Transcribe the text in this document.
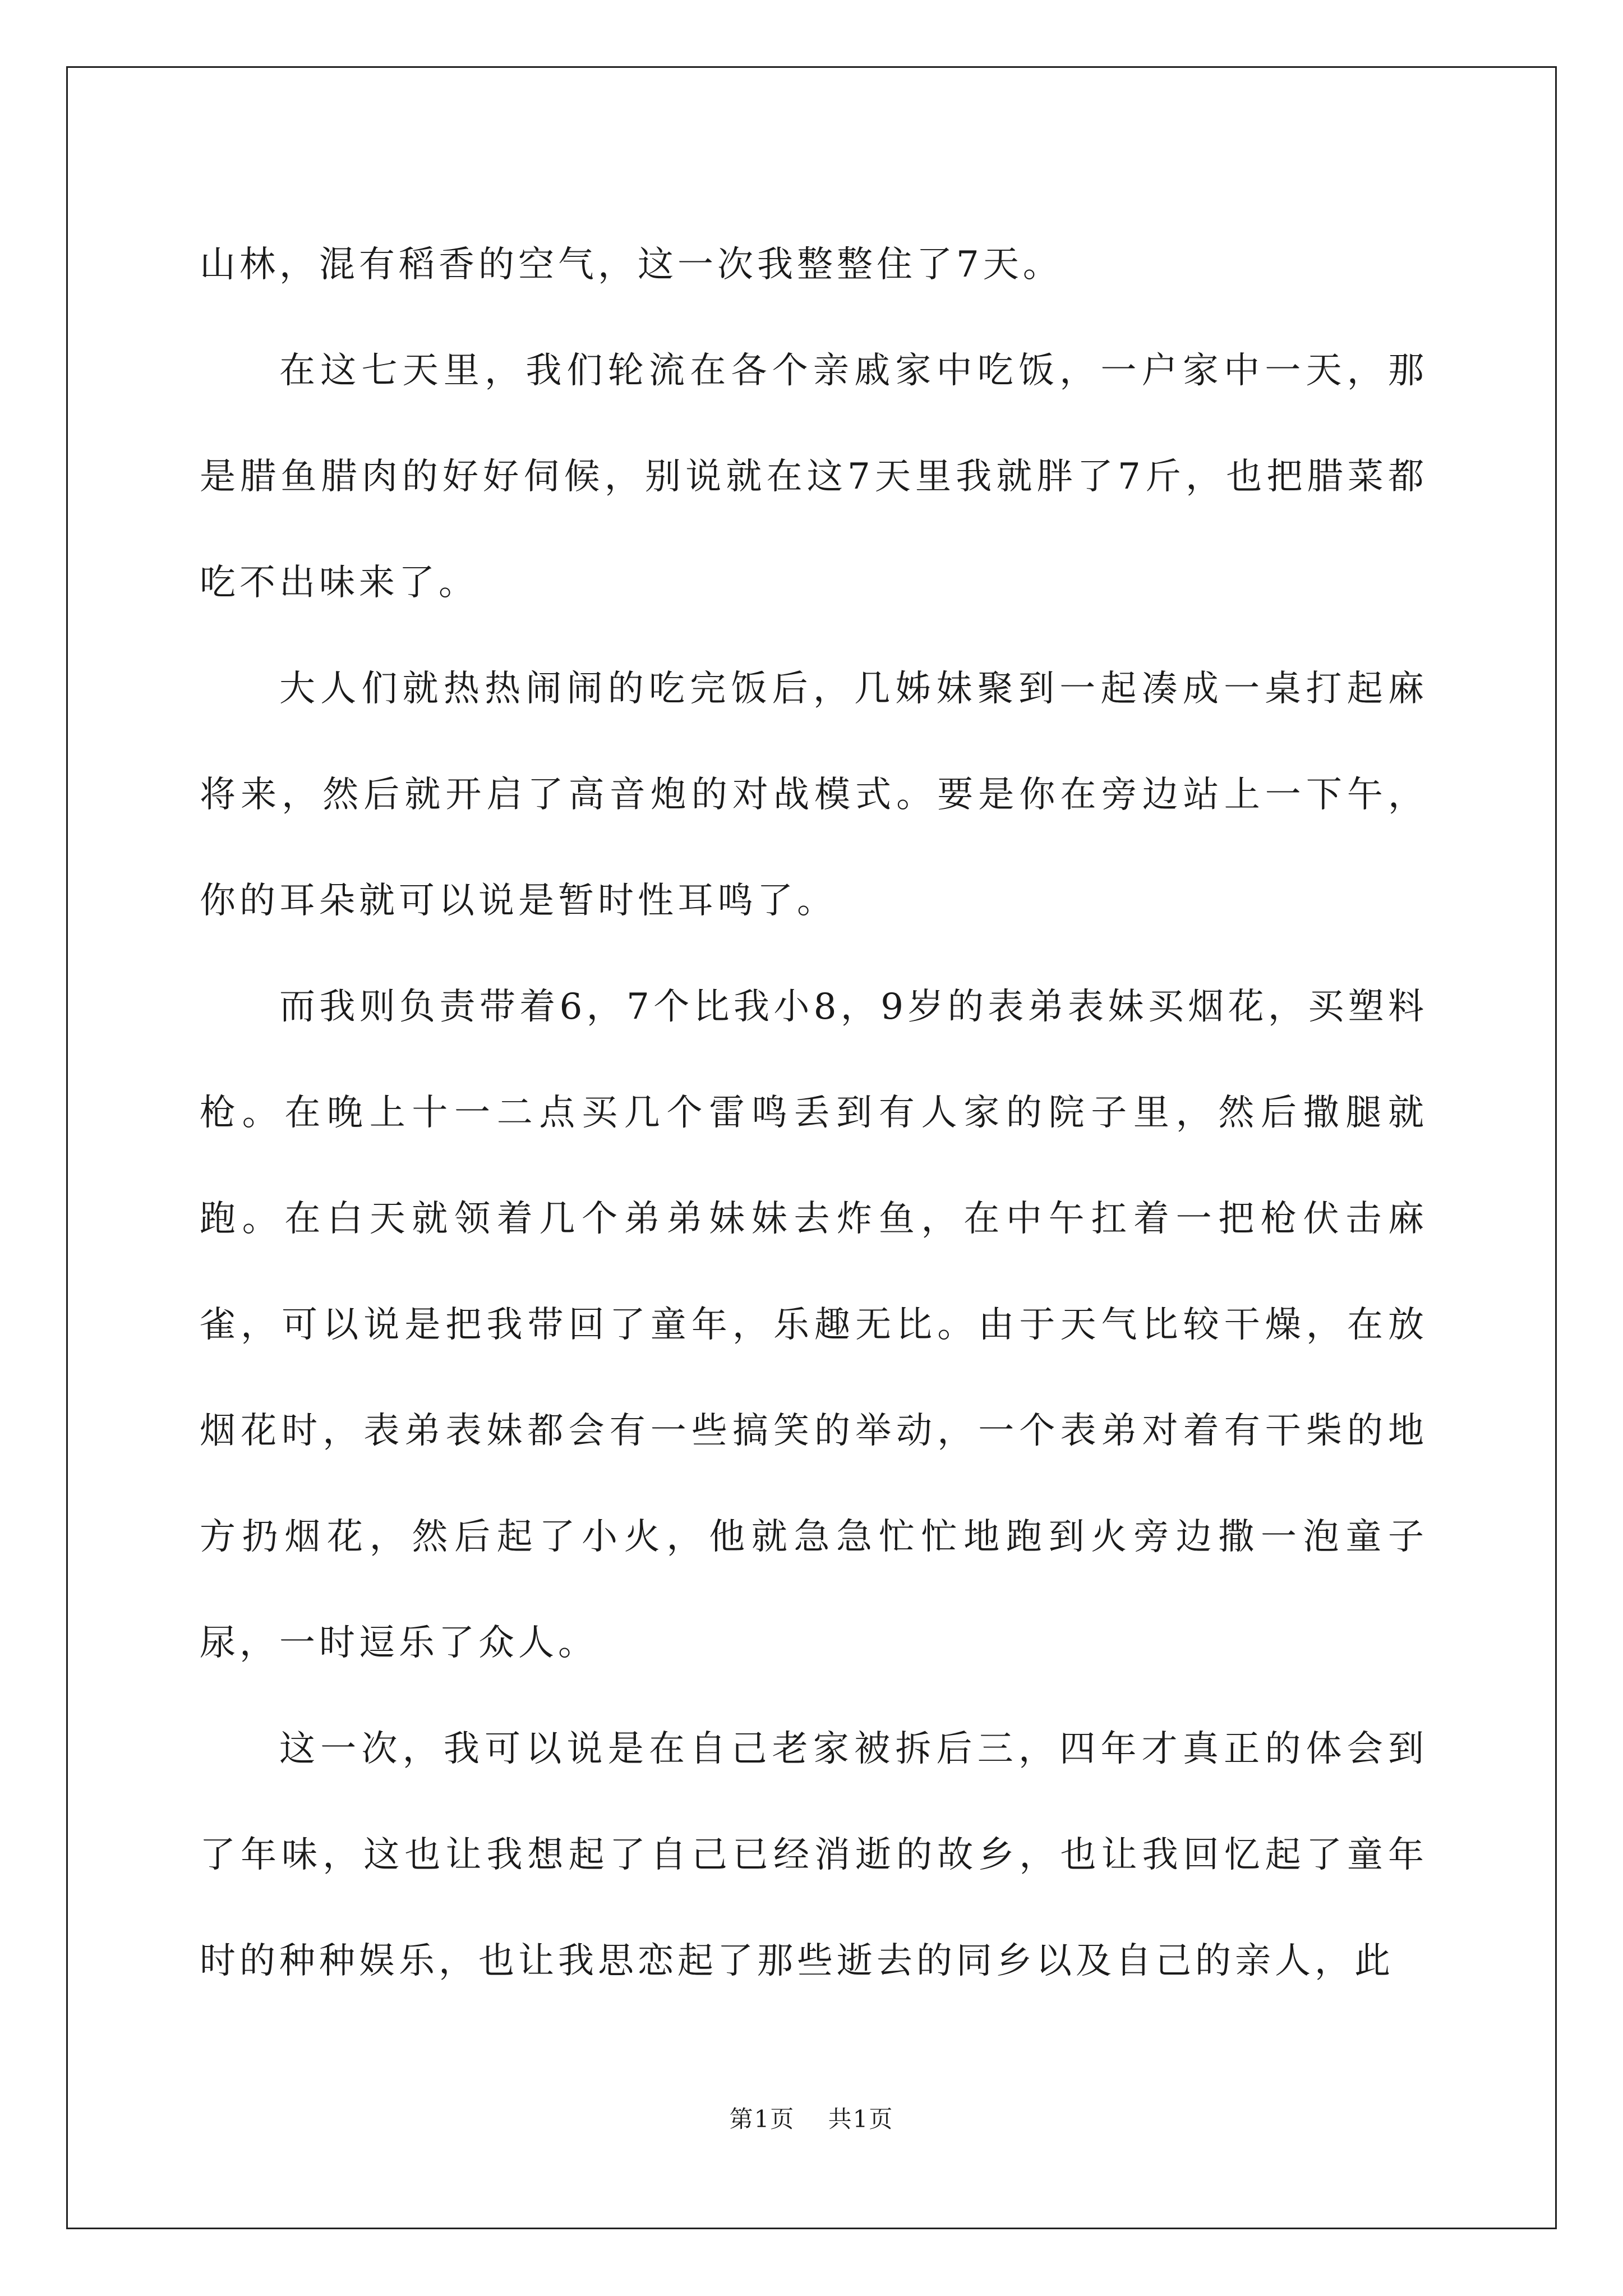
山林，混有稻香的空气，这一次我整整住了7天。

在这七天里，我们轮流在各个亲戚家中吃饭，一户家中一天，那是腊鱼腊肉的好好伺候，别说就在这7天里我就胖了7斤，也把腊菜都吃不出味来了。

大人们就热热闹闹的吃完饭后，几姊妹聚到一起凑成一桌打起麻将来，然后就开启了高音炮的对战模式。要是你在旁边站上一下午，你的耳朵就可以说是暂时性耳鸣了。

而我则负责带着6，7个比我小8，9岁的表弟表妹买烟花，买塑料枪。在晚上十一二点买几个雷鸣丢到有人家的院子里，然后撒腿就跑。在白天就领着几个弟弟妹妹去炸鱼，在中午扛着一把枪伏击麻雀，可以说是把我带回了童年，乐趣无比。由于天气比较干燥，在放烟花时，表弟表妹都会有一些搞笑的举动，一个表弟对着有干柴的地方扔烟花，然后起了小火，他就急急忙忙地跑到火旁边撒一泡童子尿，一时逗乐了众人。

这一次，我可以说是在自己老家被拆后三，四年才真正的体会到了年味，这也让我想起了自己已经消逝的故乡，也让我回忆起了童年时的种种娱乐，也让我思恋起了那些逝去的同乡以及自己的亲人，此

第1页 共1页
